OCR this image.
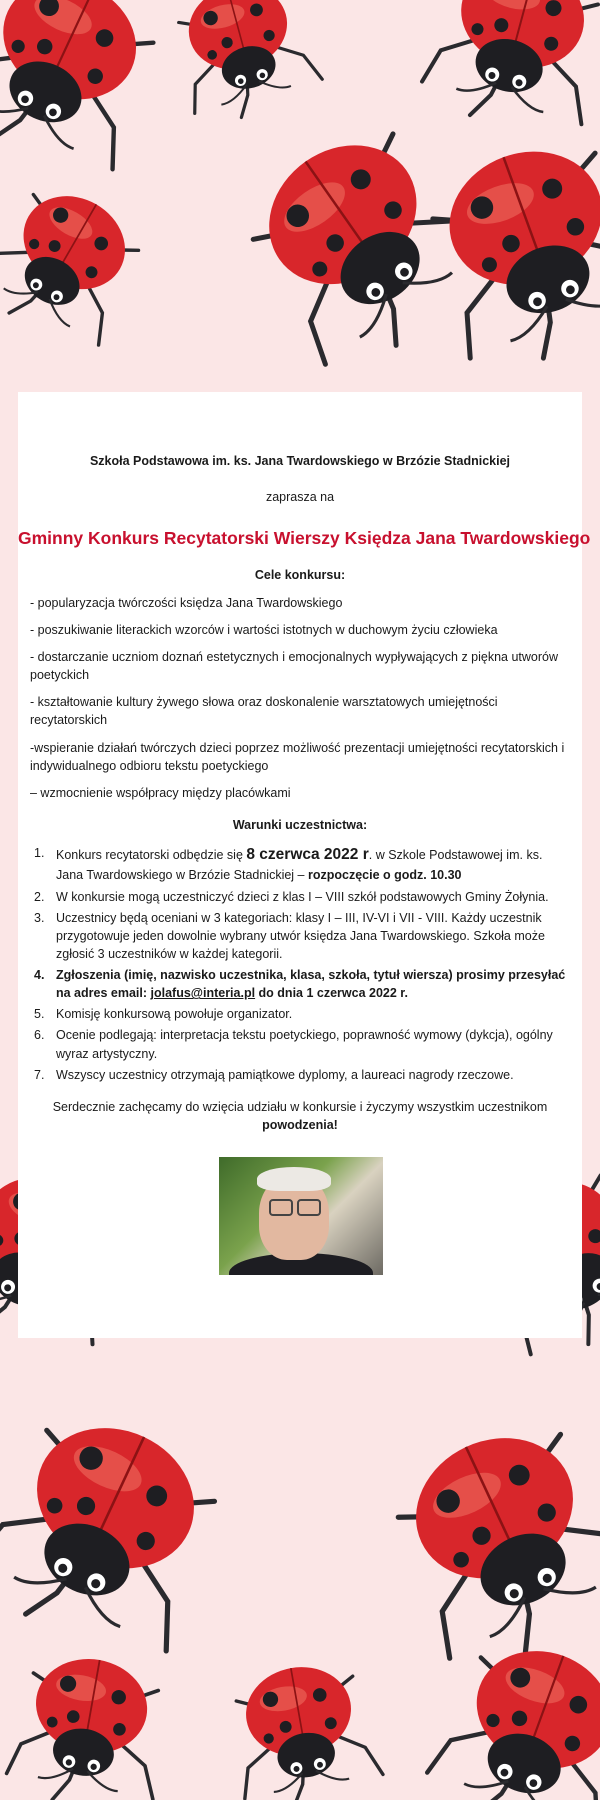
Szkoła Podstawowa im. ks. Jana Twardowskiego w Brzózie Stadnickiej

zaprasza na

Gminny Konkurs Recytatorski Wierszy Księdza Jana Twardowskiego

Cele konkursu:

- popularyzacja twórczości księdza Jana Twardowskiego

- poszukiwanie literackich wzorców i wartości istotnych w duchowym życiu człowieka

- dostarczanie uczniom doznań estetycznych i emocjonalnych wypływających z piękna utworów poetyckich

- kształtowanie kultury żywego słowa oraz doskonalenie warsztatowych umiejętności recytatorskich

-wspieranie działań twórczych dzieci poprzez możliwość prezentacji umiejętności recytatorskich i indywidualnego odbioru tekstu poetyckiego

– wzmocnienie współpracy między placówkami

Warunki uczestnictwa:

1. Konkurs recytatorski odbędzie się 8 czerwca 2022 r. w Szkole Podstawowej im. ks. Jana Twardowskiego w Brzózie Stadnickiej – rozpoczęcie o godz. 10.30
2. W konkursie mogą uczestniczyć dzieci z klas I – VIII szkół podstawowych Gminy Żołynia.
3. Uczestnicy będą oceniani w 3 kategoriach: klasy I – III, IV-VI i VII - VIII. Każdy uczestnik przygotowuje jeden dowolnie wybrany utwór księdza Jana Twardowskiego. Szkoła może zgłosić 3 uczestników w każdej kategorii.
4. Zgłoszenia (imię, nazwisko uczestnika, klasa, szkoła, tytuł wiersza) prosimy przesyłać na adres email: jolafus@interia.pl do dnia 1 czerwca 2022 r.
5. Komisję konkursową powołuje organizator.
6. Ocenie podlegają: interpretacja tekstu poetyckiego, poprawność wymowy (dykcja), ogólny wyraz artystyczny.
7. Wszyscy uczestnicy otrzymają pamiątkowe dyplomy, a laureaci nagrody rzeczowe.

Serdecznie zachęcamy do wzięcia udziału w konkursie i życzymy wszystkim uczestnikom powodzenia!
